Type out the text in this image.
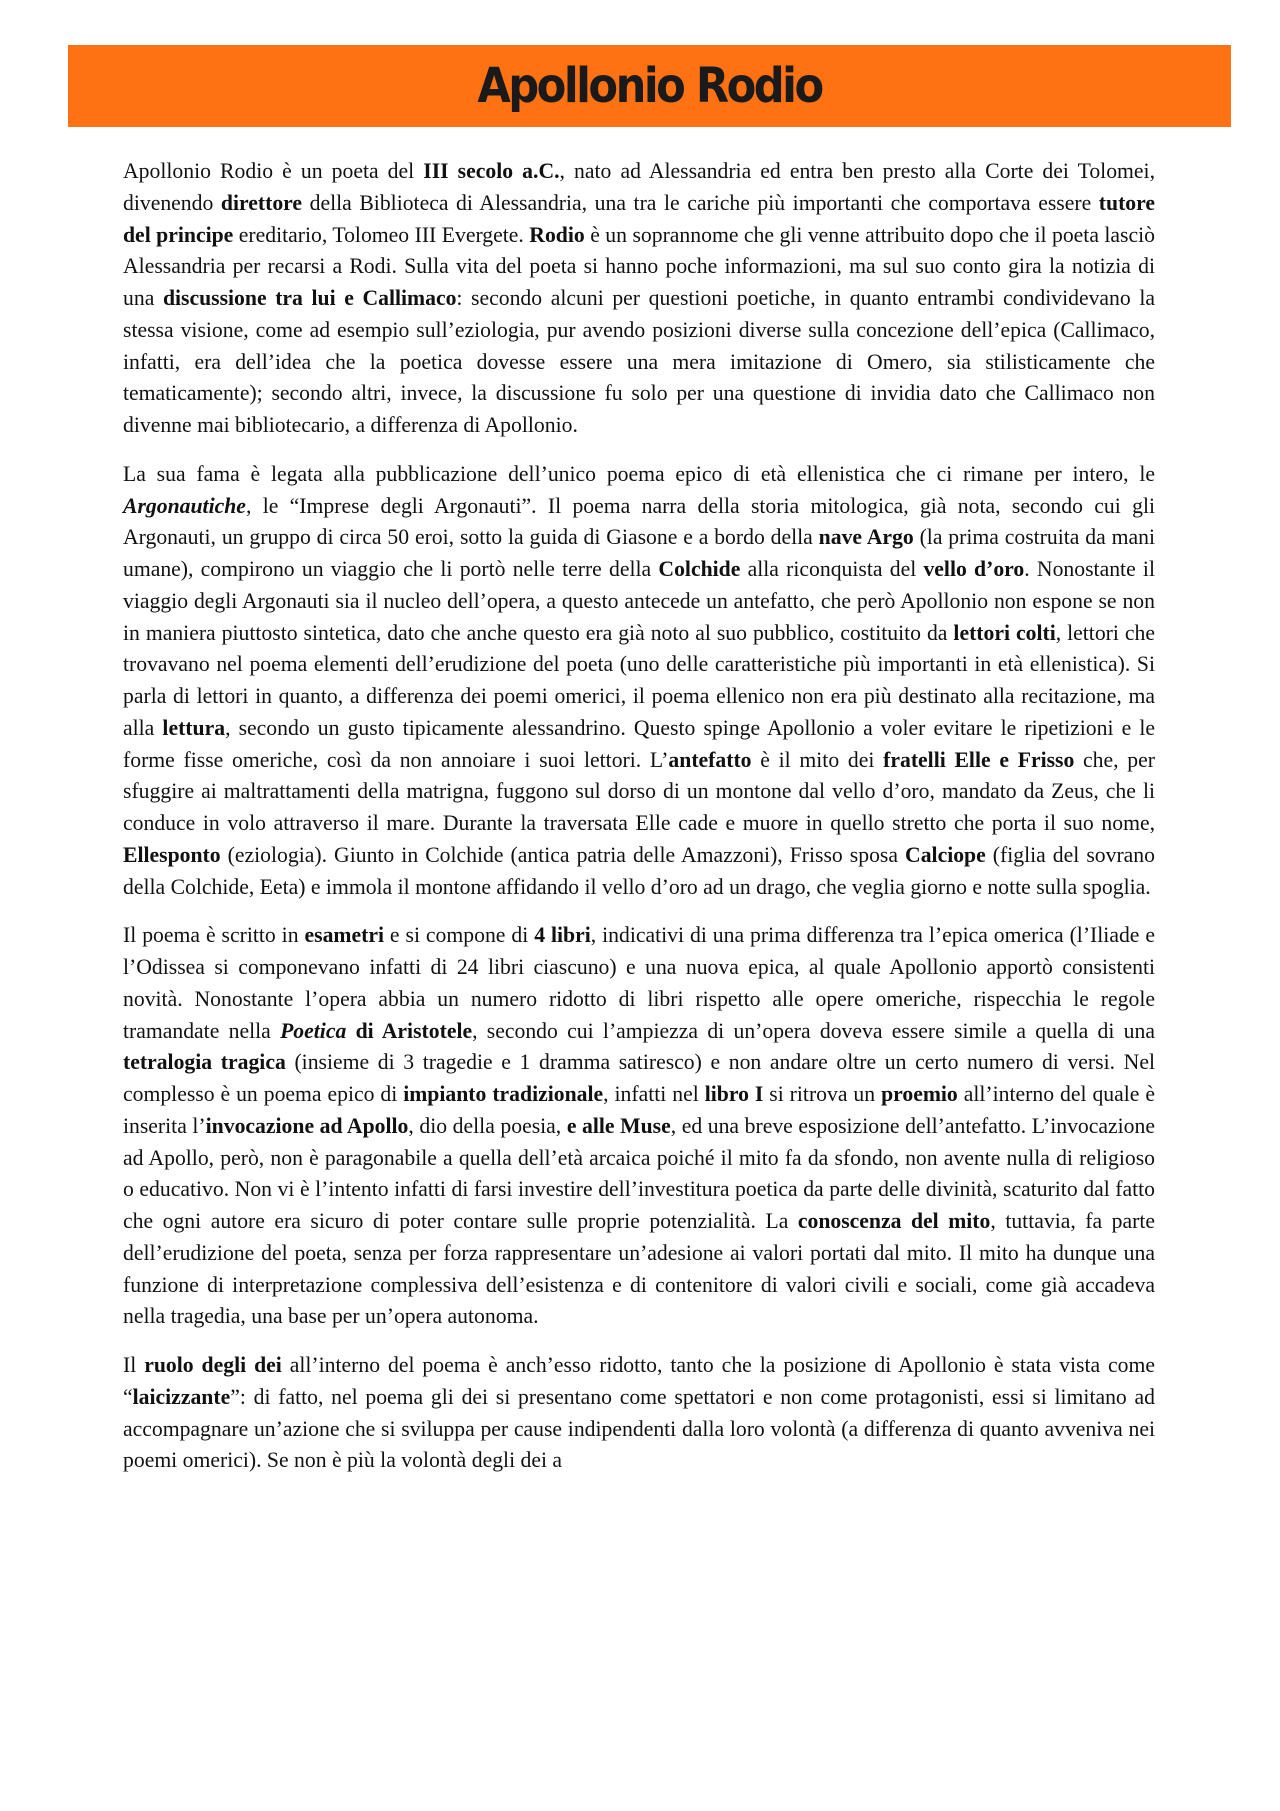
Apollonio Rodio

Apollonio Rodio è un poeta del III secolo a.C., nato ad Alessandria ed entra ben presto alla Corte dei Tolomei, divenendo direttore della Biblioteca di Alessandria, una tra le cariche più importanti che comportava essere tutore del principe ereditario, Tolomeo III Evergete. Rodio è un soprannome che gli venne attribuito dopo che il poeta lasciò Alessandria per recarsi a Rodi. Sulla vita del poeta si hanno poche informazioni, ma sul suo conto gira la notizia di una discussione tra lui e Callimaco: secondo alcuni per questioni poetiche, in quanto entrambi condividevano la stessa visione, come ad esempio sull’eziologia, pur avendo posizioni diverse sulla concezione dell’epica (Callimaco, infatti, era dell’idea che la poetica dovesse essere una mera imitazione di Omero, sia stilisticamente che tematicamente); secondo altri, invece, la discussione fu solo per una questione di invidia dato che Callimaco non divenne mai bibliotecario, a differenza di Apollonio.

La sua fama è legata alla pubblicazione dell’unico poema epico di età ellenistica che ci rimane per intero, le Argonautiche, le “Imprese degli Argonauti”. Il poema narra della storia mitologica, già nota, secondo cui gli Argonauti, un gruppo di circa 50 eroi, sotto la guida di Giasone e a bordo della nave Argo (la prima costruita da mani umane), compirono un viaggio che li portò nelle terre della Colchide alla riconquista del vello d’oro. Nonostante il viaggio degli Argonauti sia il nucleo dell’opera, a questo antecede un antefatto, che però Apollonio non espone se non in maniera piuttosto sintetica, dato che anche questo era già noto al suo pubblico, costituito da lettori colti, lettori che trovavano nel poema elementi dell’erudizione del poeta (uno delle caratteristiche più importanti in età ellenistica). Si parla di lettori in quanto, a differenza dei poemi omerici, il poema ellenico non era più destinato alla recitazione, ma alla lettura, secondo un gusto tipicamente alessandrino. Questo spinge Apollonio a voler evitare le ripetizioni e le forme fisse omeriche, così da non annoiare i suoi lettori. L’antefatto è il mito dei fratelli Elle e Frisso che, per sfuggire ai maltrattamenti della matrigna, fuggono sul dorso di un montone dal vello d’oro, mandato da Zeus, che li conduce in volo attraverso il mare. Durante la traversata Elle cade e muore in quello stretto che porta il suo nome, Ellesponto (eziologia). Giunto in Colchide (antica patria delle Amazzoni), Frisso sposa Calciope (figlia del sovrano della Colchide, Eeta) e immola il montone affidando il vello d’oro ad un drago, che veglia giorno e notte sulla spoglia.

Il poema è scritto in esametri e si compone di 4 libri, indicativi di una prima differenza tra l’epica omerica (l’Iliade e l’Odissea si componevano infatti di 24 libri ciascuno) e una nuova epica, al quale Apollonio apportò consistenti novità. Nonostante l’opera abbia un numero ridotto di libri rispetto alle opere omeriche, rispecchia le regole tramandate nella Poetica di Aristotele, secondo cui l’ampiezza di un’opera doveva essere simile a quella di una tetralogia tragica (insieme di 3 tragedie e 1 dramma satiresco) e non andare oltre un certo numero di versi. Nel complesso è un poema epico di impianto tradizionale, infatti nel libro I si ritrova un proemio all’interno del quale è inserita l’invocazione ad Apollo, dio della poesia, e alle Muse, ed una breve esposizione dell’antefatto. L’invocazione ad Apollo, però, non è paragonabile a quella dell’età arcaica poiché il mito fa da sfondo, non avente nulla di religioso o educativo. Non vi è l’intento infatti di farsi investire dell’investitura poetica da parte delle divinità, scaturito dal fatto che ogni autore era sicuro di poter contare sulle proprie potenzialità. La conoscenza del mito, tuttavia, fa parte dell’erudizione del poeta, senza per forza rappresentare un’adesione ai valori portati dal mito. Il mito ha dunque una funzione di interpretazione complessiva dell’esistenza e di contenitore di valori civili e sociali, come già accadeva nella tragedia, una base per un’opera autonoma.

Il ruolo degli dei all’interno del poema è anch’esso ridotto, tanto che la posizione di Apollonio è stata vista come “laicizzante”: di fatto, nel poema gli dei si presentano come spettatori e non come protagonisti, essi si limitano ad accompagnare un’azione che si sviluppa per cause indipendenti dalla loro volontà (a differenza di quanto avveniva nei poemi omerici). Se non è più la volontà degli dei a
